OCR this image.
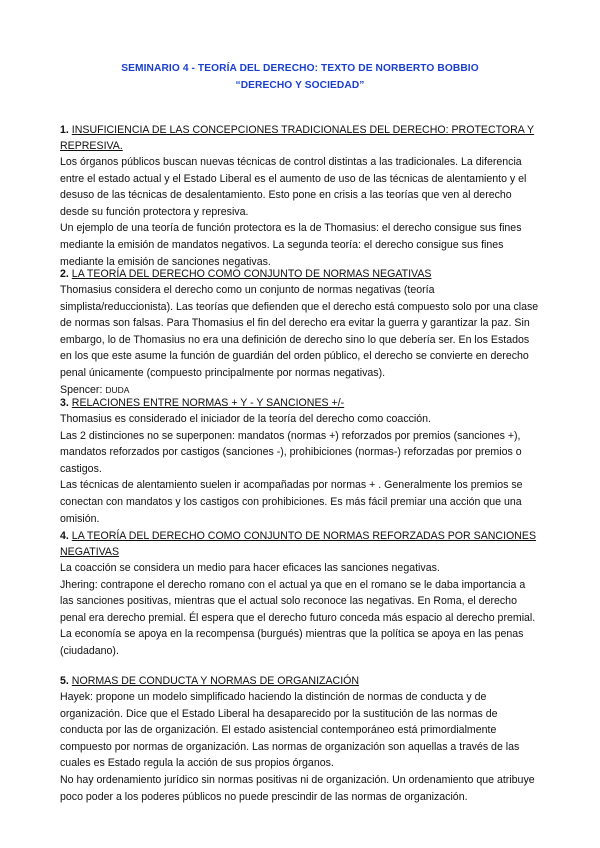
SEMINARIO 4 - TEORÍA DEL DERECHO: TEXTO DE NORBERTO BOBBIO
“DERECHO Y SOCIEDAD”

1. INSUFICIENCIA DE LAS CONCEPCIONES TRADICIONALES DEL DERECHO: PROTECTORA Y REPRESIVA.

Los órganos públicos buscan nuevas técnicas de control distintas a las tradicionales. La diferencia entre el estado actual y el Estado Liberal es el aumento de uso de las técnicas de alentamiento y el desuso de las técnicas de desalentamiento. Esto pone en crisis a las teorías que ven al derecho desde su función protectora y represiva.

Un ejemplo de una teoría de función protectora es la de Thomasius: el derecho consigue sus fines mediante la emisión de mandatos negativos. La segunda teoría: el derecho consigue sus fines mediante la emisión de sanciones negativas.

2. LA TEORÍA DEL DERECHO COMO CONJUNTO DE NORMAS NEGATIVAS

Thomasius considera el derecho como un conjunto de normas negativas (teoría simplista/reduccionista). Las teorías que defienden que el derecho está compuesto solo por una clase de normas son falsas. Para Thomasius el fin del derecho era evitar la guerra y garantizar la paz. Sin embargo, lo de Thomasius no era una definición de derecho sino lo que debería ser. En los Estados en los que este asume la función de guardián del orden público, el derecho se convierte en derecho penal únicamente (compuesto principalmente por normas negativas).

Spencer: DUDA

3. RELACIONES ENTRE NORMAS + Y - Y SANCIONES +/-

Thomasius es considerado el iniciador de la teoría del derecho como coacción.

Las 2 distinciones no se superponen: mandatos (normas +) reforzados por premios (sanciones +), mandatos reforzados por castigos (sanciones -), prohibiciones (normas-) reforzadas por premios o castigos.

Las técnicas de alentamiento suelen ir acompañadas por normas + . Generalmente los premios se conectan con mandatos y los castigos con prohibiciones. Es más fácil premiar una acción que una omisión.

4. LA TEORÍA DEL DERECHO COMO CONJUNTO DE NORMAS REFORZADAS POR SANCIONES NEGATIVAS

La coacción se considera un medio para hacer eficaces las sanciones negativas.

Jhering: contrapone el derecho romano con el actual ya que en el romano se le daba importancia a las sanciones positivas, mientras que el actual solo reconoce las negativas. En Roma, el derecho penal era derecho premial. Él espera que el derecho futuro conceda más espacio al derecho premial.

La economía se apoya en la recompensa (burgués) mientras que la política se apoya en las penas (ciudadano).

5. NORMAS DE CONDUCTA Y NORMAS DE ORGANIZACIÓN

Hayek: propone un modelo simplificado haciendo la distinción de normas de conducta y de organización. Dice que el Estado Liberal ha desaparecido por la sustitución de las normas de conducta por las de organización. El estado asistencial contemporáneo está primordialmente compuesto por normas de organización. Las normas de organización son aquellas a través de las cuales es Estado regula la acción de sus propios órganos.

No hay ordenamiento jurídico sin normas positivas ni de organización. Un ordenamiento que atribuye poco poder a los poderes públicos no puede prescindir de las normas de organización.
